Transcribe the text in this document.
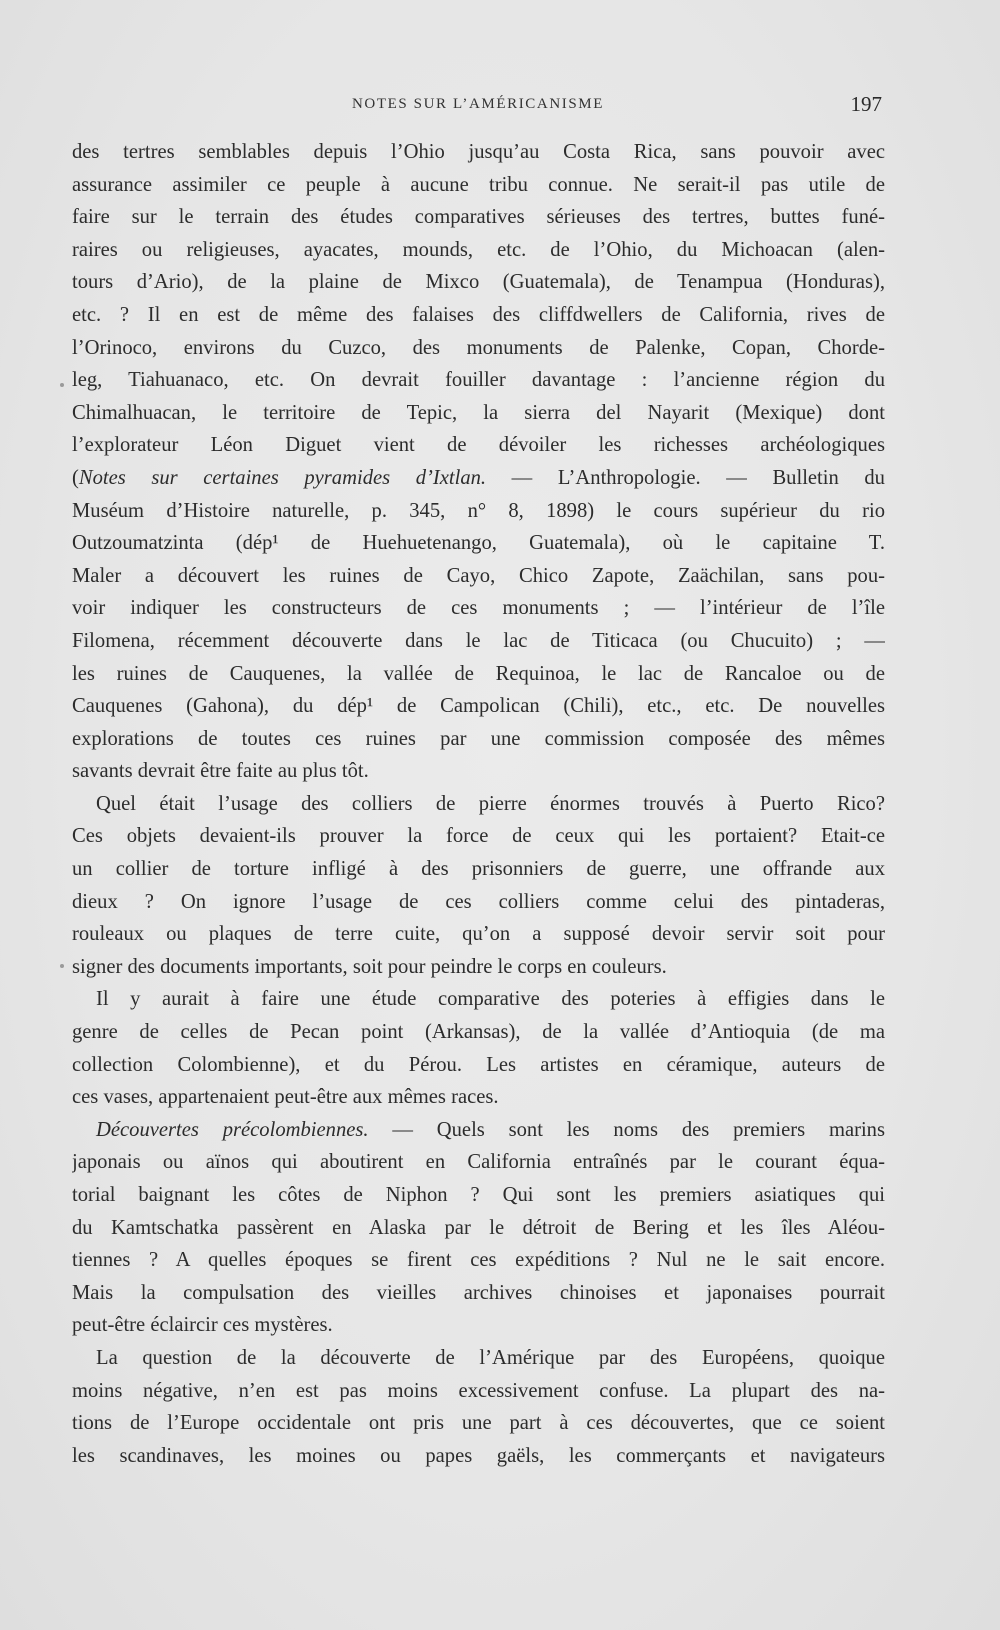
NOTES SUR L’AMÉRICANISME	197
des tertres semblables depuis l’Ohio jusqu’au Costa Rica, sans pouvoir avec
assurance assimiler ce peuple à aucune tribu connue. Ne serait-il pas utile de
faire sur le terrain des études comparatives sérieuses des tertres, buttes funé-
raires ou religieuses, ayacates, mounds, etc. de l’Ohio, du Michoacan (alen-
tours d’Ario), de la plaine de Mixco (Guatemala), de Tenampua (Honduras),
etc. ? Il en est de même des falaises des cliffdwellers de California, rives de
l’Orinoco, environs du Cuzco, des monuments de Palenke, Copan, Chorde-
leg, Tiahuanaco, etc. On devrait fouiller davantage : l’ancienne région du
Chimalhuacan, le territoire de Tepic, la sierra del Nayarit (Mexique) dont
l’explorateur Léon Diguet vient de dévoiler les richesses archéologiques
(Notes sur certaines pyramides d’Ixtlan. — L’Anthropologie. — Bulletin du
Muséum d’Histoire naturelle, p. 345, n° 8, 1898) le cours supérieur du rio
Outzoumatzinta (dép¹ de Huehuetenango, Guatemala), où le capitaine T.
Maler a découvert les ruines de Cayo, Chico Zapote, Zaächilan, sans pou-
voir indiquer les constructeurs de ces monuments ; — l’intérieur de l’île
Filomena, récemment découverte dans le lac de Titicaca (ou Chucuito) ; —
les ruines de Cauquenes, la vallée de Requinoa, le lac de Rancaloe ou de
Cauquenes (Gahona), du dép¹ de Campolican (Chili), etc., etc. De nouvelles
explorations de toutes ces ruines par une commission composée des mêmes
savants devrait être faite au plus tôt.
Quel était l’usage des colliers de pierre énormes trouvés à Puerto Rico?
Ces objets devaient-ils prouver la force de ceux qui les portaient? Etait-ce
un collier de torture infligé à des prisonniers de guerre, une offrande aux
dieux ? On ignore l’usage de ces colliers comme celui des pintaderas,
rouleaux ou plaques de terre cuite, qu’on a supposé devoir servir soit pour
signer des documents importants, soit pour peindre le corps en couleurs.
Il y aurait à faire une étude comparative des poteries à effigies dans le
genre de celles de Pecan point (Arkansas), de la vallée d’Antioquia (de ma
collection Colombienne), et du Pérou. Les artistes en céramique, auteurs de
ces vases, appartenaient peut-être aux mêmes races.
Découvertes précolombiennes. — Quels sont les noms des premiers marins
japonais ou aïnos qui aboutirent en California entraînés par le courant équa-
torial baignant les côtes de Niphon ? Qui sont les premiers asiatiques qui
du Kamtschatka passèrent en Alaska par le détroit de Bering et les îles Aléou-
tiennes ? A quelles époques se firent ces expéditions ? Nul ne le sait encore.
Mais la compulsation des vieilles archives chinoises et japonaises pourrait
peut-être éclaircir ces mystères.
La question de la découverte de l’Amérique par des Européens, quoique
moins négative, n’en est pas moins excessivement confuse. La plupart des na-
tions de l’Europe occidentale ont pris une part à ces découvertes, que ce soient
les scandinaves, les moines ou papes gaëls, les commerçants et navigateurs
